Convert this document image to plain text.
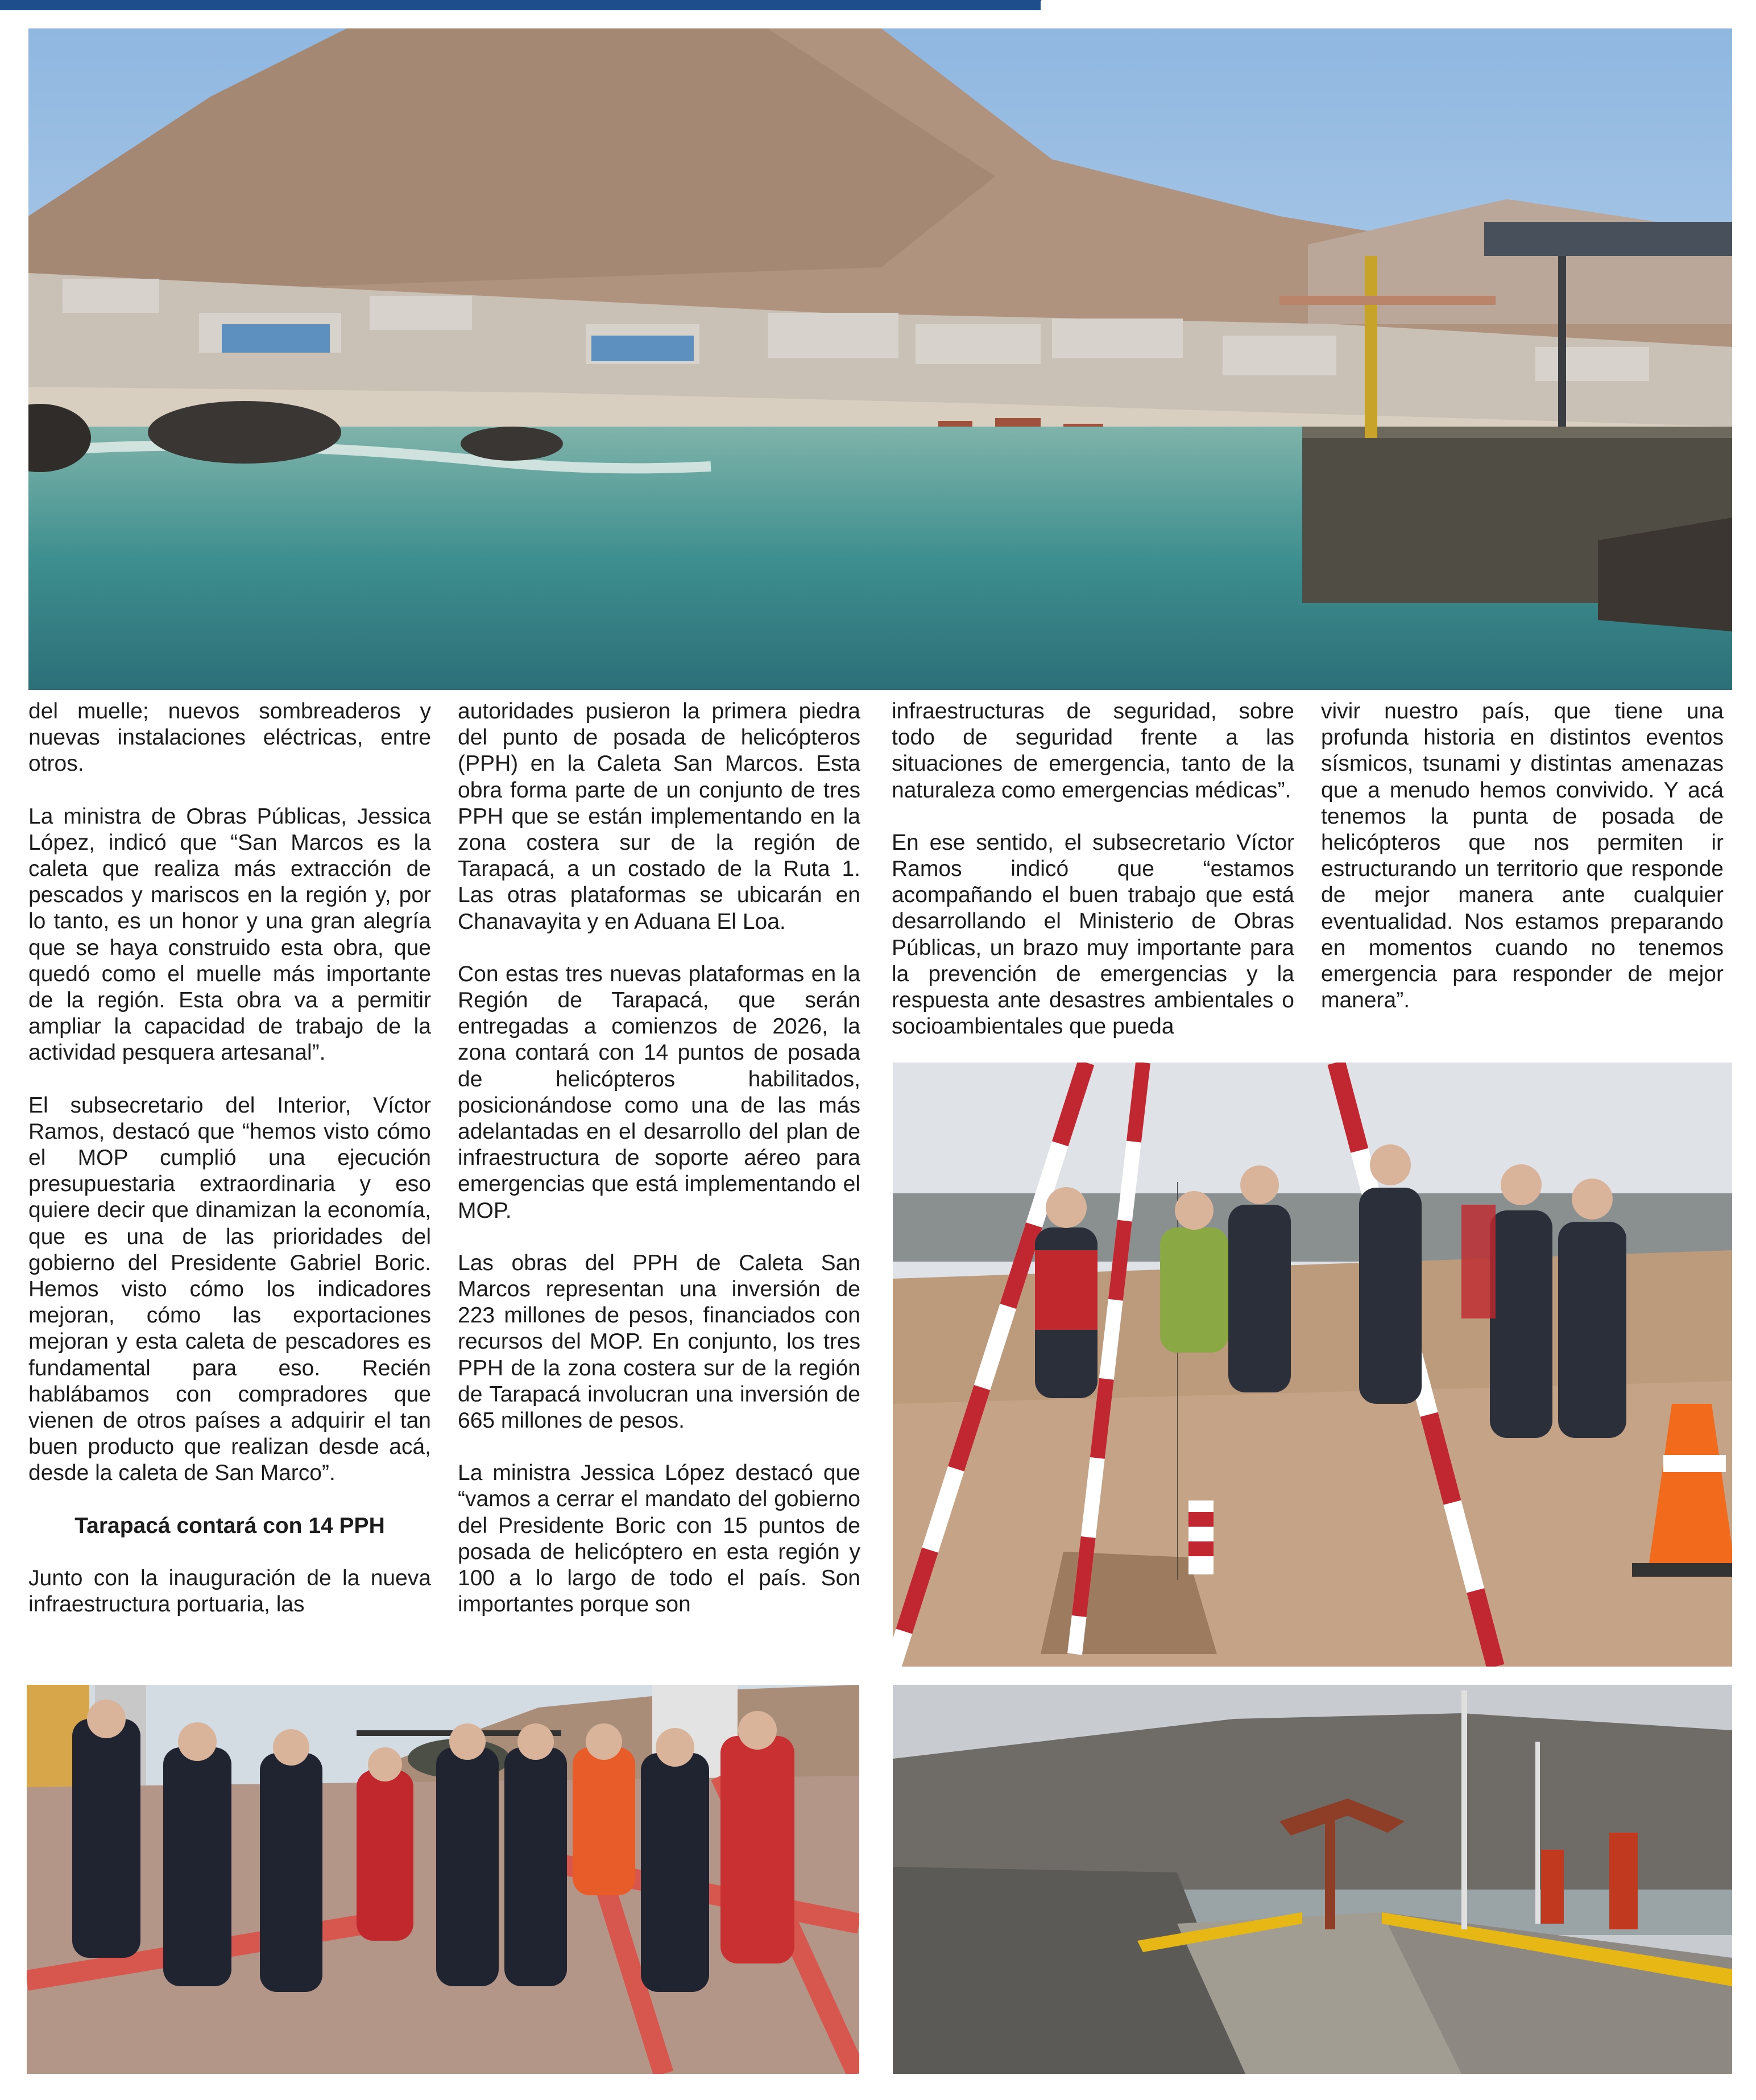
del muelle; nuevos sombreaderos y nuevas instalaciones eléctricas, entre otros.

La ministra de Obras Públicas, Jessica López, indicó que “San Marcos es la caleta que realiza más extracción de pescados y mariscos en la región y, por lo tanto, es un honor y una gran alegría que se haya construido esta obra, que quedó como el muelle más importante de la región. Esta obra va a permitir ampliar la capacidad de trabajo de la actividad pesquera artesanal”.

El subsecretario del Interior, Víctor Ramos, destacó que “hemos visto cómo el MOP cumplió una ejecución presupuestaria extraordinaria y eso quiere decir que dinamizan la economía, que es una de las prioridades del gobierno del Presidente Gabriel Boric. Hemos visto cómo los indicadores mejoran, cómo las exportaciones mejoran y esta caleta de pescadores es fundamental para eso. Recién hablábamos con compradores que vienen de otros países a adquirir el tan buen producto que realizan desde acá, desde la caleta de San Marco”.

Tarapacá contará con 14 PPH

Junto con la inauguración de la nueva infraestructura portuaria, las

autoridades pusieron la primera piedra del punto de posada de helicópteros (PPH) en la Caleta San Marcos. Esta obra forma parte de un conjunto de tres PPH que se están implementando en la zona costera sur de la región de Tarapacá, a un costado de la Ruta 1. Las otras plataformas se ubicarán en Chanavayita y en Aduana El Loa.

Con estas tres nuevas plataformas en la Región de Tarapacá, que serán entregadas a comienzos de 2026, la zona contará con 14 puntos de posada de helicópteros habilitados, posicionándose como una de las más adelantadas en el desarrollo del plan de infraestructura de soporte aéreo para emergencias que está implementando el MOP.

Las obras del PPH de Caleta San Marcos representan una inversión de 223 millones de pesos, financiados con recursos del MOP. En conjunto, los tres PPH de la zona costera sur de la región de Tarapacá involucran una inversión de 665 millones de pesos.

La ministra Jessica López destacó que “vamos a cerrar el mandato del gobierno del Presidente Boric con 15 puntos de posada de helicóptero en esta región y 100 a lo largo de todo el país. Son importantes porque son

infraestructuras de seguridad, sobre todo de seguridad frente a las situaciones de emergencia, tanto de la naturaleza como emergencias médicas”.

En ese sentido, el subsecretario Víctor Ramos indicó que “estamos acompañando el buen trabajo que está desarrollando el Ministerio de Obras Públicas, un brazo muy importante para la prevención de emergencias y la respuesta ante desastres ambientales o socioambientales que pueda

vivir nuestro país, que tiene una profunda historia en distintos eventos sísmicos, tsunami y distintas amenazas que a menudo hemos convivido. Y acá tenemos la punta de posada de helicópteros que nos permiten ir estructurando un territorio que responde de mejor manera ante cualquier eventualidad. Nos estamos preparando en momentos cuando no tenemos emergencia para responder de mejor manera”.
